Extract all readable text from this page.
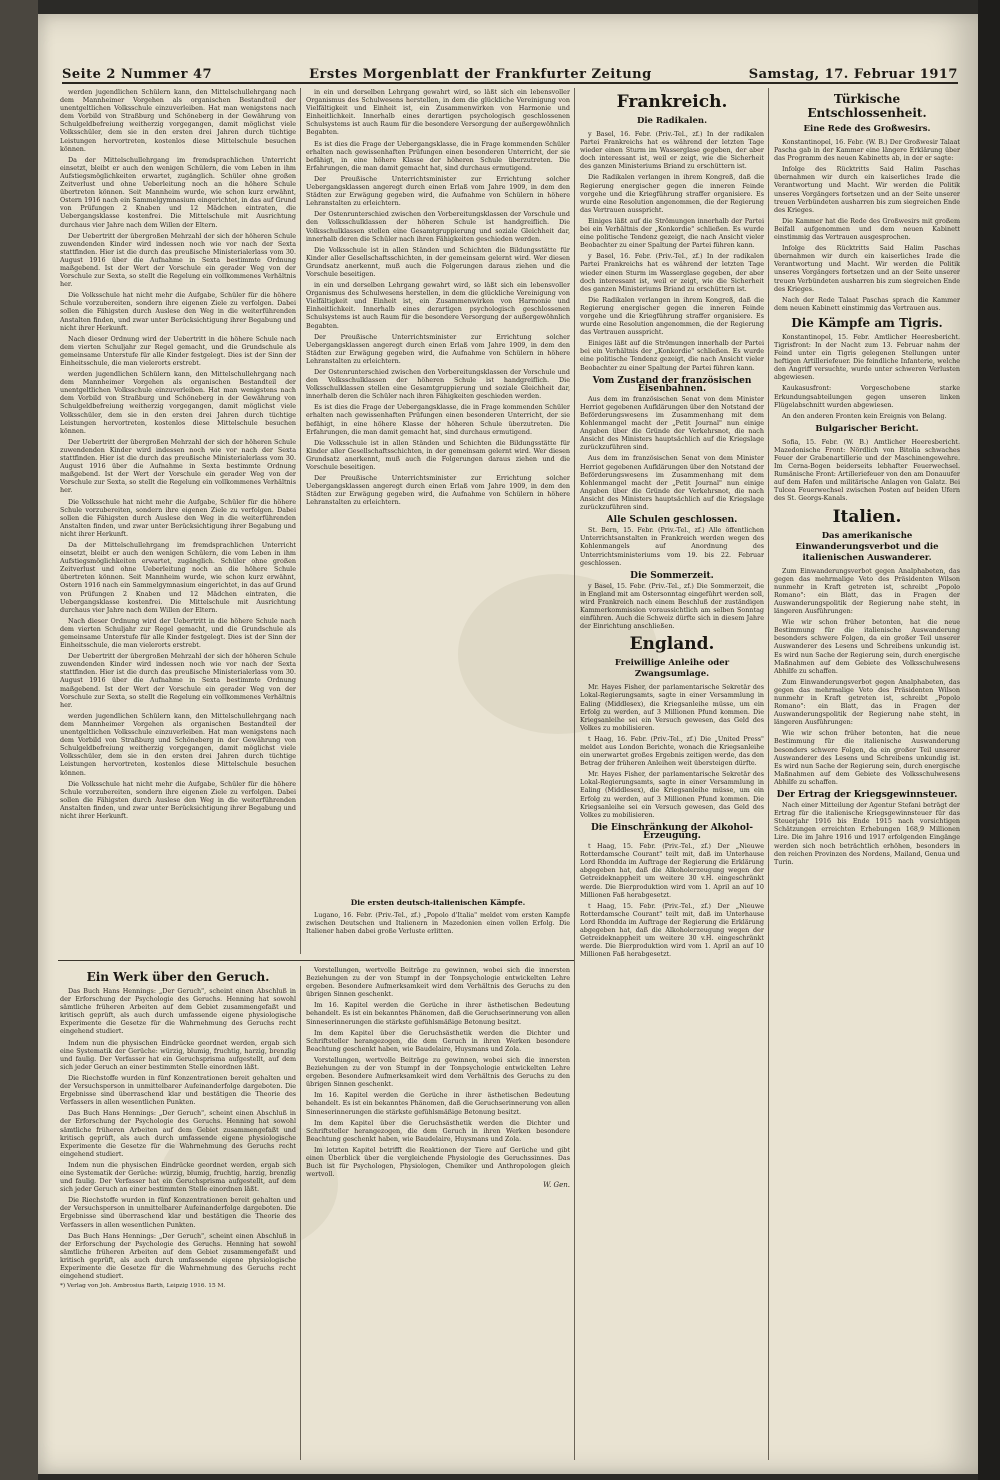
Seite 2 Nummer 47	Erstes Morgenblatt der Frankfurter Zeitung	Samstag, 17. Februar 1917

werden jugendlichen Schülern kann, den Mittelschullehrgang nach dem Mannheimer Vorgehen als organischen Bestandteil der unentgeltlichen Volksschule einzuverleiben. Hat man wenigstens nach dem Vorbild von Straßburg und Schöneberg in der Gewährung von Schulgeldbefreiung weitherzig vorgegangen, damit möglichst viele Volksschüler, dem sie in den ersten drei Jahren durch tüchtige Leistungen hervortreten, kostenlos diese Mittelschule besuchen können.

Da der Mittelschullehrgang im fremdsprachlichen Unterricht einsetzt, bleibt er auch den wenigen Schülern, die vom Leben in ihm Aufstiegsmöglichkeiten erwartet, zugänglich. Schüler ohne großen Zeitverlust und ohne Ueberleitung noch an die höhere Schule übertreten können. Seit Mannheim wurde, wie schon kurz erwähnt, Ostern 1916 nach ein Sammelgymnasium eingerichtet, in das auf Grund von Prüfungen 2 Knaben und 12 Mädchen eintraten, die Uebergangsklasse kostenfrei. Die Mittelschule mit Ausrichtung durchaus vier Jahre nach dem Willen der Eltern.

Der Uebertritt der übergroßen Mehrzahl der sich der höheren Schule zuwendenden Kinder wird indessen noch wie vor nach der Sexta stattfinden. Hier ist die durch das preußische Ministerialerlass vom 30. August 1916 über die Aufnahme in Sexta bestimmte Ordnung maßgebend. Ist der Wert der Vorschule ein gerader Weg von der Vorschule zur Sexta, so stellt die Regelung ein vollkommenes Verhältnis her.

Die Volksschule hat nicht mehr die Aufgabe, Schüler für die höhere Schule vorzubereiten, sondern ihre eigenen Ziele zu verfolgen. Dabei sollen die Fähigsten durch Auslese den Weg in die weiterführenden Anstalten finden, und zwar unter Berücksichtigung ihrer Begabung und nicht ihrer Herkunft.

Nach dieser Ordnung wird der Uebertritt in die höhere Schule nach dem vierten Schuljahr zur Regel gemacht, und die Grundschule als gemeinsame Unterstufe für alle Kinder festgelegt. Dies ist der Sinn der Einheitsschule, die man vielerorts erstrebt.

werden jugendlichen Schülern kann, den Mittelschullehrgang nach dem Mannheimer Vorgehen als organischen Bestandteil der unentgeltlichen Volksschule einzuverleiben. Hat man wenigstens nach dem Vorbild von Straßburg und Schöneberg in der Gewährung von Schulgeldbefreiung weitherzig vorgegangen, damit möglichst viele Volksschüler, dem sie in den ersten drei Jahren durch tüchtige Leistungen hervortreten, kostenlos diese Mittelschule besuchen können.

Der Uebertritt der übergroßen Mehrzahl der sich der höheren Schule zuwendenden Kinder wird indessen noch wie vor nach der Sexta stattfinden. Hier ist die durch das preußische Ministerialerlass vom 30. August 1916 über die Aufnahme in Sexta bestimmte Ordnung maßgebend. Ist der Wert der Vorschule ein gerader Weg von der Vorschule zur Sexta, so stellt die Regelung ein vollkommenes Verhältnis her.

Die Volksschule hat nicht mehr die Aufgabe, Schüler für die höhere Schule vorzubereiten, sondern ihre eigenen Ziele zu verfolgen. Dabei sollen die Fähigsten durch Auslese den Weg in die weiterführenden Anstalten finden, und zwar unter Berücksichtigung ihrer Begabung und nicht ihrer Herkunft.

Da der Mittelschullehrgang im fremdsprachlichen Unterricht einsetzt, bleibt er auch den wenigen Schülern, die vom Leben in ihm Aufstiegsmöglichkeiten erwartet, zugänglich. Schüler ohne großen Zeitverlust und ohne Ueberleitung noch an die höhere Schule übertreten können. Seit Mannheim wurde, wie schon kurz erwähnt, Ostern 1916 nach ein Sammelgymnasium eingerichtet, in das auf Grund von Prüfungen 2 Knaben und 12 Mädchen eintraten, die Uebergangsklasse kostenfrei. Die Mittelschule mit Ausrichtung durchaus vier Jahre nach dem Willen der Eltern.

Nach dieser Ordnung wird der Uebertritt in die höhere Schule nach dem vierten Schuljahr zur Regel gemacht, und die Grundschule als gemeinsame Unterstufe für alle Kinder festgelegt. Dies ist der Sinn der Einheitsschule, die man vielerorts erstrebt.

Der Uebertritt der übergroßen Mehrzahl der sich der höheren Schule zuwendenden Kinder wird indessen noch wie vor nach der Sexta stattfinden. Hier ist die durch das preußische Ministerialerlass vom 30. August 1916 über die Aufnahme in Sexta bestimmte Ordnung maßgebend. Ist der Wert der Vorschule ein gerader Weg von der Vorschule zur Sexta, so stellt die Regelung ein vollkommenes Verhältnis her.

werden jugendlichen Schülern kann, den Mittelschullehrgang nach dem Mannheimer Vorgehen als organischen Bestandteil der unentgeltlichen Volksschule einzuverleiben. Hat man wenigstens nach dem Vorbild von Straßburg und Schöneberg in der Gewährung von Schulgeldbefreiung weitherzig vorgegangen, damit möglichst viele Volksschüler, dem sie in den ersten drei Jahren durch tüchtige Leistungen hervortreten, kostenlos diese Mittelschule besuchen können.

Die Volksschule hat nicht mehr die Aufgabe, Schüler für die höhere Schule vorzubereiten, sondern ihre eigenen Ziele zu verfolgen. Dabei sollen die Fähigsten durch Auslese den Weg in die weiterführenden Anstalten finden, und zwar unter Berücksichtigung ihrer Begabung und nicht ihrer Herkunft.

in ein und derselben Lehrgang gewahrt wird, so läßt sich ein lebensvoller Organismus des Schulwesens herstellen, in dem die glückliche Vereinigung von Vielfältigkeit und Einheit ist, ein Zusammenwirken von Harmonie und Einheitlichkeit. Innerhalb eines derartigen psychologisch geschlossenen Schulsystems ist auch Raum für die besondere Versorgung der außergewöhnlich Begabten.

Es ist dies die Frage der Uebergangsklasse, die in Frage kommenden Schüler erhalten nach gewissenhaften Prüfungen einen besonderen Unterricht, der sie befähigt, in eine höhere Klasse der höheren Schule überzutreten. Die Erfahrungen, die man damit gemacht hat, sind durchaus ermutigend.

Der Preußische Unterrichtsminister zur Errichtung solcher Uebergangsklassen angeregt durch einen Erlaß vom Jahre 1909, in dem den Städten zur Erwägung gegeben wird, die Aufnahme von Schülern in höhere Lehranstalten zu erleichtern.

Der Ostenrunterschied zwischen den Vorbereitungsklassen der Vorschule und den Volksschulklassen der höheren Schule ist handgreiflich. Die Volksschulklassen stellen eine Gesamtgruppierung und soziale Gleichheit dar, innerhalb deren die Schüler nach ihren Fähigkeiten geschieden werden.

Die Volksschule ist in allen Ständen und Schichten die Bildungsstätte für Kinder aller Gesellschaftsschichten, in der gemeinsam gelernt wird. Wer diesen Grundsatz anerkennt, muß auch die Folgerungen daraus ziehen und die Vorschule beseitigen.

in ein und derselben Lehrgang gewahrt wird, so läßt sich ein lebensvoller Organismus des Schulwesens herstellen, in dem die glückliche Vereinigung von Vielfältigkeit und Einheit ist, ein Zusammenwirken von Harmonie und Einheitlichkeit. Innerhalb eines derartigen psychologisch geschlossenen Schulsystems ist auch Raum für die besondere Versorgung der außergewöhnlich Begabten.

Der Preußische Unterrichtsminister zur Errichtung solcher Uebergangsklassen angeregt durch einen Erlaß vom Jahre 1909, in dem den Städten zur Erwägung gegeben wird, die Aufnahme von Schülern in höhere Lehranstalten zu erleichtern.

Der Ostenrunterschied zwischen den Vorbereitungsklassen der Vorschule und den Volksschulklassen der höheren Schule ist handgreiflich. Die Volksschulklassen stellen eine Gesamtgruppierung und soziale Gleichheit dar, innerhalb deren die Schüler nach ihren Fähigkeiten geschieden werden.

Es ist dies die Frage der Uebergangsklasse, die in Frage kommenden Schüler erhalten nach gewissenhaften Prüfungen einen besonderen Unterricht, der sie befähigt, in eine höhere Klasse der höheren Schule überzutreten. Die Erfahrungen, die man damit gemacht hat, sind durchaus ermutigend.

Die Volksschule ist in allen Ständen und Schichten die Bildungsstätte für Kinder aller Gesellschaftsschichten, in der gemeinsam gelernt wird. Wer diesen Grundsatz anerkennt, muß auch die Folgerungen daraus ziehen und die Vorschule beseitigen.

Der Preußische Unterrichtsminister zur Errichtung solcher Uebergangsklassen angeregt durch einen Erlaß vom Jahre 1909, in dem den Städten zur Erwägung gegeben wird, die Aufnahme von Schülern in höhere Lehranstalten zu erleichtern.

Die ersten deutsch-italienischen Kämpfe.

Lugano, 16. Febr. (Priv.-Tel., zf.) „Popolo d'Italia" meldet vom ersten Kampfe zwischen Deutschen und Italienern in Mazedonien einen vollen Erfolg. Die Italiener haben dabei große Verluste erlitten.

Ein Werk über den Geruch.

Das Buch Hans Hennings: „Der Geruch", scheint einen Abschluß in der Erforschung der Psychologie des Geruchs. Henning hat sowohl sämtliche früheren Arbeiten auf dem Gebiet zusammengefaßt und kritisch geprüft, als auch durch umfassende eigene physiologische Experimente die Gesetze für die Wahrnehmung des Geruchs recht eingehend studiert.

Indem nun die physischen Eindrücke geordnet werden, ergab sich eine Systematik der Gerüche: würzig, blumig, fruchtig, harzig, brenzlig und faulig. Der Verfasser hat ein Geruchsprisma aufgestellt, auf dem sich jeder Geruch an einer bestimmten Stelle einordnen läßt.

Die Riechstoffe wurden in fünf Konzentrationen bereit gehalten und der Versuchsperson in unmittelbarer Aufeinanderfolge dargeboten. Die Ergebnisse sind überraschend klar und bestätigen die Theorie des Verfassers in allen wesentlichen Punkten.

Das Buch Hans Hennings: „Der Geruch", scheint einen Abschluß in der Erforschung der Psychologie des Geruchs. Henning hat sowohl sämtliche früheren Arbeiten auf dem Gebiet zusammengefaßt und kritisch geprüft, als auch durch umfassende eigene physiologische Experimente die Gesetze für die Wahrnehmung des Geruchs recht eingehend studiert.

Indem nun die physischen Eindrücke geordnet werden, ergab sich eine Systematik der Gerüche: würzig, blumig, fruchtig, harzig, brenzlig und faulig. Der Verfasser hat ein Geruchsprisma aufgestellt, auf dem sich jeder Geruch an einer bestimmten Stelle einordnen läßt.

Die Riechstoffe wurden in fünf Konzentrationen bereit gehalten und der Versuchsperson in unmittelbarer Aufeinanderfolge dargeboten. Die Ergebnisse sind überraschend klar und bestätigen die Theorie des Verfassers in allen wesentlichen Punkten.

Das Buch Hans Hennings: „Der Geruch", scheint einen Abschluß in der Erforschung der Psychologie des Geruchs. Henning hat sowohl sämtliche früheren Arbeiten auf dem Gebiet zusammengefaßt und kritisch geprüft, als auch durch umfassende eigene physiologische Experimente die Gesetze für die Wahrnehmung des Geruchs recht eingehend studiert.

*) Verlag von Joh. Ambrosius Barth, Leipzig 1916. 15 M.

Vorstellungen, wertvolle Beiträge zu gewinnen, wobei sich die innersten Beziehungen zu der von Stumpf in der Tonpsychologie entwickelten Lehre ergeben. Besondere Aufmerksamkeit wird dem Verhältnis des Geruchs zu den übrigen Sinnen geschenkt.

Im 16. Kapitel werden die Gerüche in ihrer ästhetischen Bedeutung behandelt. Es ist ein bekanntes Phänomen, daß die Geruchserinnerung von allen Sinneserinnerungen die stärkste gefühlsmäßige Betonung besitzt.

Im dem Kapitel über die Geruchsästhetik werden die Dichter und Schriftsteller herangezogen, die dem Geruch in ihren Werken besondere Beachtung geschenkt haben, wie Baudelaire, Huysmans und Zola.

Vorstellungen, wertvolle Beiträge zu gewinnen, wobei sich die innersten Beziehungen zu der von Stumpf in der Tonpsychologie entwickelten Lehre ergeben. Besondere Aufmerksamkeit wird dem Verhältnis des Geruchs zu den übrigen Sinnen geschenkt.

Im 16. Kapitel werden die Gerüche in ihrer ästhetischen Bedeutung behandelt. Es ist ein bekanntes Phänomen, daß die Geruchserinnerung von allen Sinneserinnerungen die stärkste gefühlsmäßige Betonung besitzt.

Im dem Kapitel über die Geruchsästhetik werden die Dichter und Schriftsteller herangezogen, die dem Geruch in ihren Werken besondere Beachtung geschenkt haben, wie Baudelaire, Huysmans und Zola.

Im letzten Kapitel betrifft die Reaktionen der Tiere auf Gerüche und gibt einen Überblick über die vergleichende Physiologie des Geruchssinnes. Das Buch ist für Psychologen, Physiologen, Chemiker und Anthropologen gleich wertvoll.

W. Gen.
Frankreich.
Die Radikalen.

y Basel, 16. Febr. (Priv.-Tel., zf.) In der radikalen Partei Frankreichs hat es während der letzten Tage wieder einen Sturm im Wasserglase gegeben, der aber doch interessant ist, weil er zeigt, wie die Sicherheit des ganzen Ministeriums Briand zu erschüttern ist.

Die Radikalen verlangen in ihrem Kongreß, daß die Regierung energischer gegen die inneren Feinde vorgehe und die Kriegführung straffer organisiere. Es wurde eine Resolution angenommen, die der Regierung das Vertrauen ausspricht.

Einiges läßt auf die Strömungen innerhalb der Partei bei ein Verhältnis der „Konkordie" schließen. Es wurde eine politische Tendenz gezeigt, die nach Ansicht vieler Beobachter zu einer Spaltung der Partei führen kann.

y Basel, 16. Febr. (Priv.-Tel., zf.) In der radikalen Partei Frankreichs hat es während der letzten Tage wieder einen Sturm im Wasserglase gegeben, der aber doch interessant ist, weil er zeigt, wie die Sicherheit des ganzen Ministeriums Briand zu erschüttern ist.

Die Radikalen verlangen in ihrem Kongreß, daß die Regierung energischer gegen die inneren Feinde vorgehe und die Kriegführung straffer organisiere. Es wurde eine Resolution angenommen, die der Regierung das Vertrauen ausspricht.

Einiges läßt auf die Strömungen innerhalb der Partei bei ein Verhältnis der „Konkordie" schließen. Es wurde eine politische Tendenz gezeigt, die nach Ansicht vieler Beobachter zu einer Spaltung der Partei führen kann.

Vom Zustand der französischen Eisenbahnen.

Aus dem im französischen Senat von dem Minister Herriot gegebenen Aufklärungen über den Notstand der Beförderungswesens im Zusammenhang mit dem Kohlenmangel macht der „Petit Journal" nun einige Angaben über die Gründe der Verkehrsnot, die nach Ansicht des Ministers hauptsächlich auf die Kriegslage zurückzuführen sind.

Aus dem im französischen Senat von dem Minister Herriot gegebenen Aufklärungen über den Notstand der Beförderungswesens im Zusammenhang mit dem Kohlenmangel macht der „Petit Journal" nun einige Angaben über die Gründe der Verkehrsnot, die nach Ansicht des Ministers hauptsächlich auf die Kriegslage zurückzuführen sind.

Alle Schulen geschlossen.

St. Bern, 15. Febr. (Priv.-Tel., zf.) Alle öffentlichen Unterrichtsanstalten in Frankreich werden wegen des Kohlenmangels auf Anordnung des Unterrichtsministeriums vom 19. bis 22. Februar geschlossen.

Die Sommerzeit.

y Basel, 15. Febr. (Priv.-Tel., zf.) Die Sommerzeit, die in England mit am Ostersonntag eingeführt werden soll, wird Frankreich nach einem Beschluß der zuständigen Kammerkommission voraussichtlich am selben Sonntag einführen. Auch die Schweiz dürfte sich in diesem Jahre der Einrichtung anschließen.

England.
Freiwillige Anleihe oder Zwangsumlage.

Mr. Hayes Fisher, der parlamentarische Sekretär des Lokal-Regierungsamts, sagte in einer Versammlung in Ealing (Middlesex), die Kriegsanleihe müsse, um ein Erfolg zu werden, auf 3 Millionen Pfund kommen. Die Kriegsanleihe sei ein Versuch gewesen, das Geld des Volkes zu mobilisieren.

t Haag, 16. Febr. (Priv.-Tel., zf.) Die „United Press" meldet aus London Berichte, wonach die Kriegsanleihe ein unerwartet großes Ergebnis zeitigen werde, das den Betrag der früheren Anleihen weit übersteigen dürfte.

Mr. Hayes Fisher, der parlamentarische Sekretär des Lokal-Regierungsamts, sagte in einer Versammlung in Ealing (Middlesex), die Kriegsanleihe müsse, um ein Erfolg zu werden, auf 3 Millionen Pfund kommen. Die Kriegsanleihe sei ein Versuch gewesen, das Geld des Volkes zu mobilisieren.

Die Einschränkung der Alkohol-Erzeugung.

t Haag, 15. Febr. (Priv.-Tel., zf.) Der „Nieuwe Rotterdamsche Courant" teilt mit, daß im Unterhause Lord Rhondda im Auftrage der Regierung die Erklärung abgegeben hat, daß die Alkoholerzeugung wegen der Getreideknappheit um weitere 30 v.H. eingeschränkt werde. Die Bierproduktion wird vom 1. April an auf 10 Millionen Faß herabgesetzt.

t Haag, 15. Febr. (Priv.-Tel., zf.) Der „Nieuwe Rotterdamsche Courant" teilt mit, daß im Unterhause Lord Rhondda im Auftrage der Regierung die Erklärung abgegeben hat, daß die Alkoholerzeugung wegen der Getreideknappheit um weitere 30 v.H. eingeschränkt werde. Die Bierproduktion wird vom 1. April an auf 10 Millionen Faß herabgesetzt.

Türkische Entschlossenheit.
Eine Rede des Großwesirs.

Konstantinopel, 16. Febr. (W. B.) Der Großwesir Talaat Pascha gab in der Kammer eine längere Erklärung über das Programm des neuen Kabinetts ab, in der er sagte:

Infolge des Rücktritts Said Halim Paschas übernahmen wir durch ein kaiserliches Irade die Verantwortung und Macht. Wir werden die Politik unseres Vorgängers fortsetzen und an der Seite unserer treuen Verbündeten ausharren bis zum siegreichen Ende des Krieges.

Die Kammer hat die Rede des Großwesirs mit großem Beifall aufgenommen und dem neuen Kabinett einstimmig das Vertrauen ausgesprochen.

Infolge des Rücktritts Said Halim Paschas übernahmen wir durch ein kaiserliches Irade die Verantwortung und Macht. Wir werden die Politik unseres Vorgängers fortsetzen und an der Seite unserer treuen Verbündeten ausharren bis zum siegreichen Ende des Krieges.

Nach der Rede Talaat Paschas sprach die Kammer dem neuen Kabinett einstimmig das Vertrauen aus.

Die Kämpfe am Tigris.

Konstantinopel, 15. Febr. Amtlicher Heeresbericht. Tigrisfront: In der Nacht zum 13. Februar nahm der Feind unter ein Tigris gelegenen Stellungen unter heftigen Artilleriefeuer. Die feindliche Infanterie, welche den Angriff versuchte, wurde unter schweren Verlusten abgewiesen.

Kaukasusfront: Vorgeschobene starke Erkundungsabteilungen gegen unseren linken Flügelabschnitt wurden abgewiesen.

An den anderen Fronten kein Ereignis von Belang.

Bulgarischer Bericht.

Sofia, 15. Febr. (W. B.) Amtlicher Heeresbericht. Mazedonische Front: Nördlich von Bitolia schwaches Feuer der Grabenartillerie und der Maschinengewehre. Im Cerna-Bogen beiderseits lebhafter Feuerwechsel. Rumänische Front: Artilleriefeuer von den am Donauufer auf dem Hafen und militärische Anlagen von Galatz. Bei Tulcea Feuerwechsel zwischen Posten auf beiden Ufern des St. Georgs-Kanals.

Italien.
Das amerikanische Einwanderungsverbot und die italienischen Auswanderer.

Zum Einwanderungsverbot gegen Analphabeten, das gegen das mehrmalige Veto des Präsidenten Wilson nunmehr in Kraft getreten ist, schreibt „Popolo Romano": ein Blatt, das in Fragen der Auswanderungspolitik der Regierung nahe steht, in längeren Ausführungen:

Wie wir schon früher betonten, hat die neue Bestimmung für die italienische Auswanderung besonders schwere Folgen, da ein großer Teil unserer Auswanderer des Lesens und Schreibens unkundig ist. Es wird nun Sache der Regierung sein, durch energische Maßnahmen auf dem Gebiete des Volksschulwesens Abhilfe zu schaffen.

Zum Einwanderungsverbot gegen Analphabeten, das gegen das mehrmalige Veto des Präsidenten Wilson nunmehr in Kraft getreten ist, schreibt „Popolo Romano": ein Blatt, das in Fragen der Auswanderungspolitik der Regierung nahe steht, in längeren Ausführungen:

Wie wir schon früher betonten, hat die neue Bestimmung für die italienische Auswanderung besonders schwere Folgen, da ein großer Teil unserer Auswanderer des Lesens und Schreibens unkundig ist. Es wird nun Sache der Regierung sein, durch energische Maßnahmen auf dem Gebiete des Volksschulwesens Abhilfe zu schaffen.

Der Ertrag der Kriegsgewinnsteuer.

Nach einer Mitteilung der Agentur Stefani beträgt der Ertrag für die italienische Kriegsgewinnsteuer für das Steuerjahr 1916 bis Ende 1915 nach vorsichtigen Schätzungen erreichten Erhebungen 168,9 Millionen Lire. Die im Jahre 1916 und 1917 erfolgenden Eingänge werden sich noch beträchtlich erhöhen, besonders in den reichen Provinzen des Nordens, Mailand, Genua und Turin.
